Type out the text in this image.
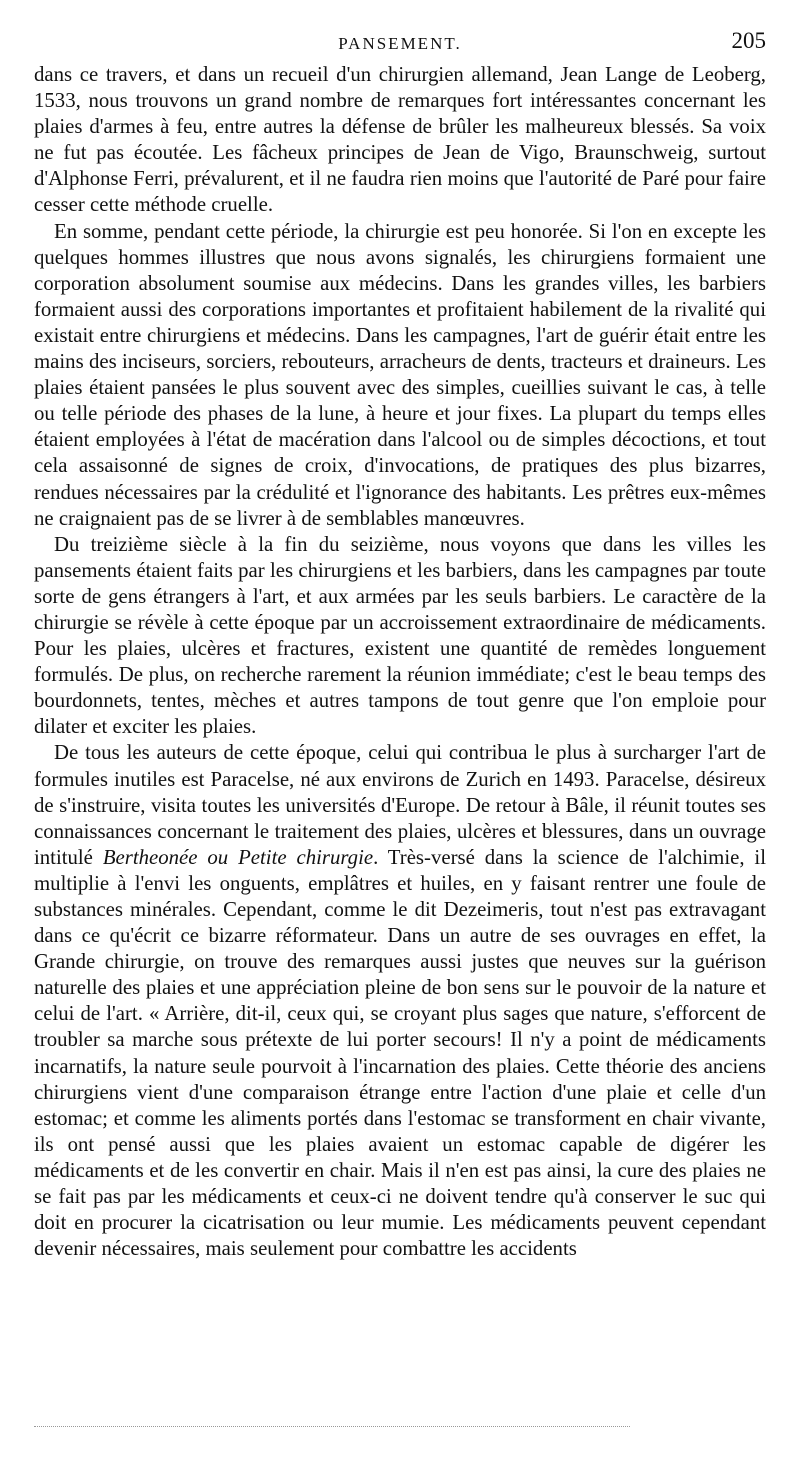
PANSEMENT.	205

dans ce travers, et dans un recueil d'un chirurgien allemand, Jean Lange de Leoberg, 1533, nous trouvons un grand nombre de remarques fort intéressantes concernant les plaies d'armes à feu, entre autres la défense de brûler les malheureux blessés. Sa voix ne fut pas écoutée. Les fâcheux principes de Jean de Vigo, Braunschweig, surtout d'Alphonse Ferri, prévalurent, et il ne faudra rien moins que l'autorité de Paré pour faire cesser cette méthode cruelle.

En somme, pendant cette période, la chirurgie est peu honorée. Si l'on en excepte les quelques hommes illustres que nous avons signalés, les chirurgiens formaient une corporation absolument soumise aux médecins. Dans les grandes villes, les barbiers formaient aussi des corporations importantes et profitaient habilement de la rivalité qui existait entre chirurgiens et médecins. Dans les campagnes, l'art de guérir était entre les mains des inciseurs, sorciers, rebouteurs, arracheurs de dents, tracteurs et draineurs. Les plaies étaient pansées le plus souvent avec des simples, cueillies suivant le cas, à telle ou telle période des phases de la lune, à heure et jour fixes. La plupart du temps elles étaient employées à l'état de macération dans l'alcool ou de simples décoctions, et tout cela assaisonné de signes de croix, d'invocations, de pratiques des plus bizarres, rendues nécessaires par la crédulité et l'ignorance des habitants. Les prêtres eux-mêmes ne craignaient pas de se livrer à de semblables manœuvres.

Du treizième siècle à la fin du seizième, nous voyons que dans les villes les pansements étaient faits par les chirurgiens et les barbiers, dans les campagnes par toute sorte de gens étrangers à l'art, et aux armées par les seuls barbiers. Le caractère de la chirurgie se révèle à cette époque par un accroissement extraordinaire de médicaments. Pour les plaies, ulcères et fractures, existent une quantité de remèdes longuement formulés. De plus, on recherche rarement la réunion immédiate; c'est le beau temps des bourdonnets, tentes, mèches et autres tampons de tout genre que l'on emploie pour dilater et exciter les plaies.

De tous les auteurs de cette époque, celui qui contribua le plus à surcharger l'art de formules inutiles est Paracelse, né aux environs de Zurich en 1493. Paracelse, désireux de s'instruire, visita toutes les universités d'Europe. De retour à Bâle, il réunit toutes ses connaissances concernant le traitement des plaies, ulcères et blessures, dans un ouvrage intitulé Bertheonée ou Petite chirurgie. Très-versé dans la science de l'alchimie, il multiplie à l'envi les onguents, emplâtres et huiles, en y faisant rentrer une foule de substances minérales. Cependant, comme le dit Dezeimeris, tout n'est pas extravagant dans ce qu'écrit ce bizarre réformateur. Dans un autre de ses ouvrages en effet, la Grande chirurgie, on trouve des remarques aussi justes que neuves sur la guérison naturelle des plaies et une appréciation pleine de bon sens sur le pouvoir de la nature et celui de l'art. « Arrière, dit-il, ceux qui, se croyant plus sages que nature, s'efforcent de troubler sa marche sous prétexte de lui porter secours! Il n'y a point de médicaments incarnatifs, la nature seule pourvoit à l'incarnation des plaies. Cette théorie des anciens chirurgiens vient d'une comparaison étrange entre l'action d'une plaie et celle d'un estomac; et comme les aliments portés dans l'estomac se transforment en chair vivante, ils ont pensé aussi que les plaies avaient un estomac capable de digérer les médicaments et de les convertir en chair. Mais il n'en est pas ainsi, la cure des plaies ne se fait pas par les médicaments et ceux-ci ne doivent tendre qu'à conserver le suc qui doit en procurer la cicatrisation ou leur mumie. Les médicaments peuvent cependant devenir nécessaires, mais seulement pour combattre les accidents
